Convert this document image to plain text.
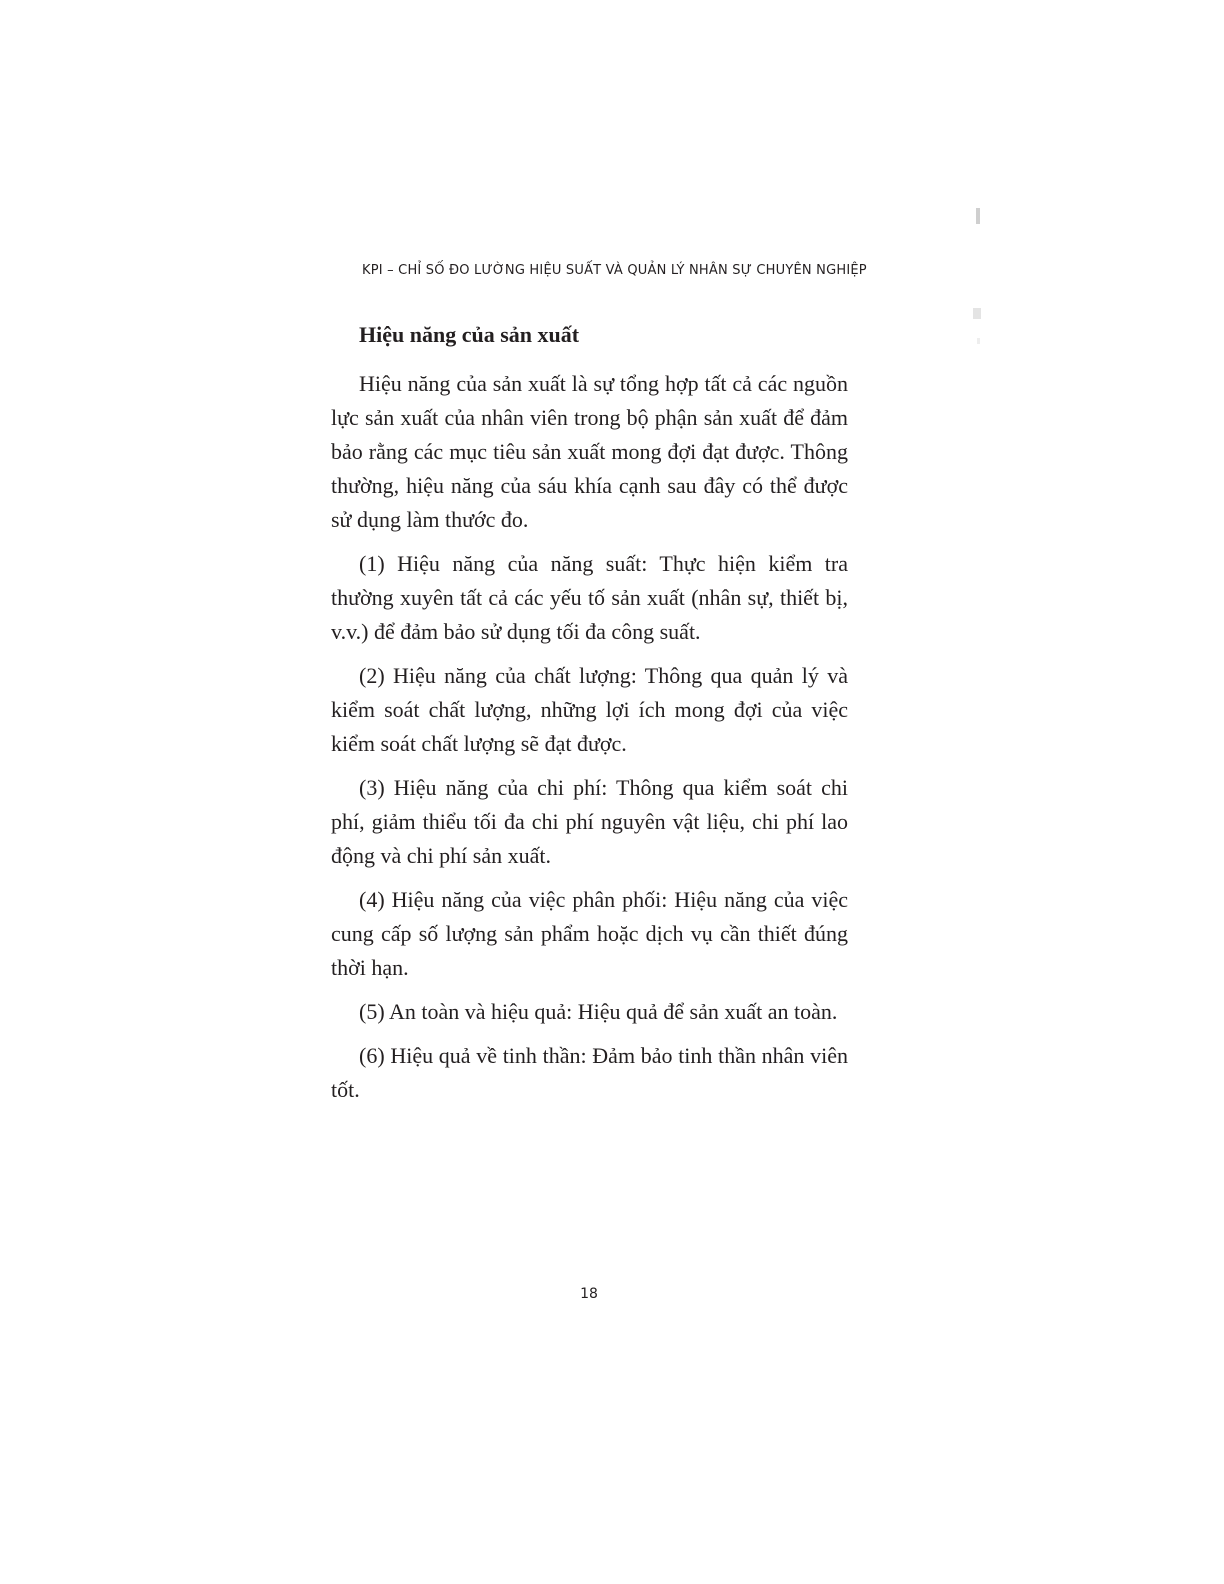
KPI – CHỈ SỐ ĐO LƯỜNG HIỆU SUẤT VÀ QUẢN LÝ NHÂN SỰ CHUYÊN NGHIỆP
Hiệu năng của sản xuất

Hiệu năng của sản xuất là sự tổng hợp tất cả các nguồn lực sản xuất của nhân viên trong bộ phận sản xuất để đảm bảo rằng các mục tiêu sản xuất mong đợi đạt được. Thông thường, hiệu năng của sáu khía cạnh sau đây có thể được sử dụng làm thước đo.

(1) Hiệu năng của năng suất: Thực hiện kiểm tra thường xuyên tất cả các yếu tố sản xuất (nhân sự, thiết bị, v.v.) để đảm bảo sử dụng tối đa công suất.

(2) Hiệu năng của chất lượng: Thông qua quản lý và kiểm soát chất lượng, những lợi ích mong đợi của việc kiểm soát chất lượng sẽ đạt được.

(3) Hiệu năng của chi phí: Thông qua kiểm soát chi phí, giảm thiểu tối đa chi phí nguyên vật liệu, chi phí lao động và chi phí sản xuất.

(4) Hiệu năng của việc phân phối: Hiệu năng của việc cung cấp số lượng sản phẩm hoặc dịch vụ cần thiết đúng thời hạn.

(5) An toàn và hiệu quả: Hiệu quả để sản xuất an toàn.

(6) Hiệu quả về tinh thần: Đảm bảo tinh thần nhân viên tốt.

18
